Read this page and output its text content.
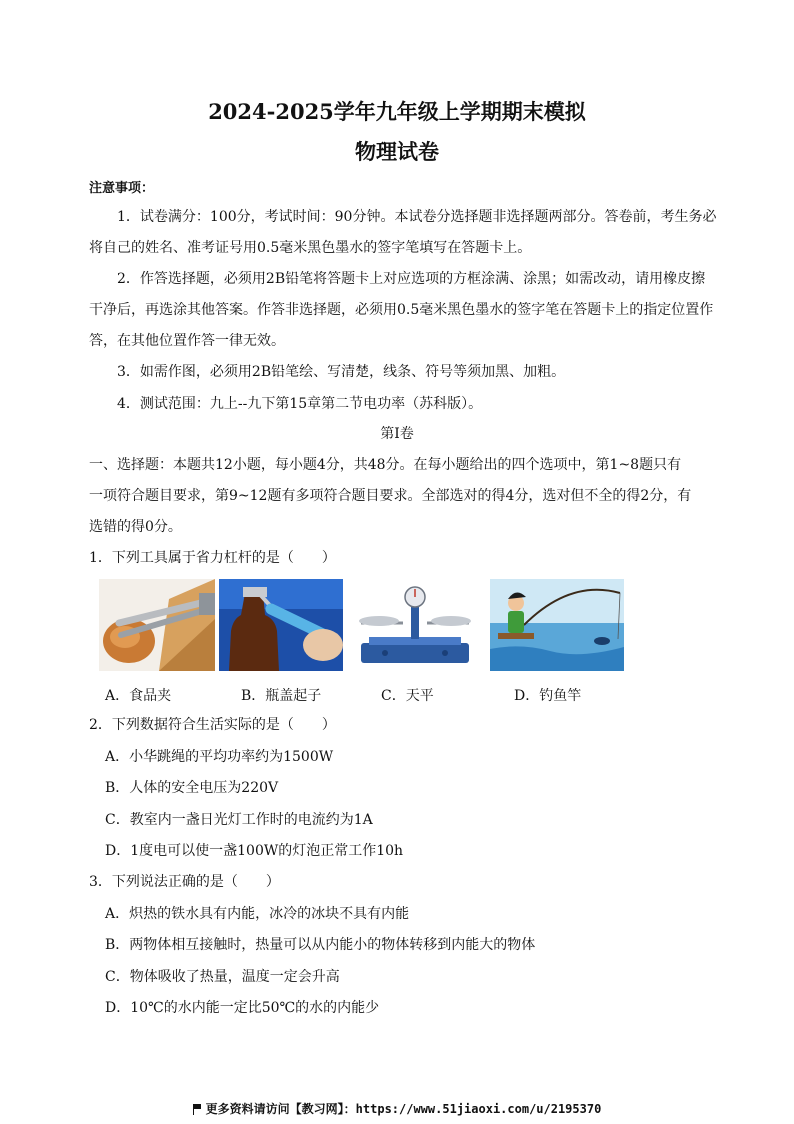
2024-2025学年九年级上学期期末模拟
物理试卷
注意事项：
1．试卷满分：100分，考试时间：90分钟。本试卷分选择题非选择题两部分。答卷前，考生务必
将自己的姓名、准考证号用0.5毫米黑色墨水的签字笔填写在答题卡上。
2．作答选择题，必须用2B铅笔将答题卡上对应选项的方框涂满、涂黑；如需改动，请用橡皮擦
干净后，再选涂其他答案。作答非选择题，必须用0.5毫米黑色墨水的签字笔在答题卡上的指定位置作
答，在其他位置作答一律无效。
3．如需作图，必须用2B铅笔绘、写清楚，线条、符号等须加黑、加粗。
4．测试范围：九上--九下第15章第二节电功率（苏科版）。
第I卷
一、选择题：本题共12小题，每小题4分，共48分。在每小题给出的四个选项中，第1~8题只有
一项符合题目要求，第9~12题有多项符合题目要求。全部选对的得4分，选对但不全的得2分，有
选错的得0分。
1．下列工具属于省力杠杆的是（　　）
A．食品夹	B．瓶盖起子	C．天平	D．钓鱼竿
2．下列数据符合生活实际的是（　　）
A．小华跳绳的平均功率约为1500W
B．人体的安全电压为220V
C．教室内一盏日光灯工作时的电流约为1A
D．1度电可以使一盏100W的灯泡正常工作10h
3．下列说法正确的是（　　）
A．炽热的铁水具有内能，冰冷的冰块不具有内能
B．两物体相互接触时，热量可以从内能小的物体转移到内能大的物体
C．物体吸收了热量，温度一定会升高
D．10℃的水内能一定比50℃的水的内能少
更多资料请访问【教习网】：https://www.51jiaoxi.com/u/2195370
